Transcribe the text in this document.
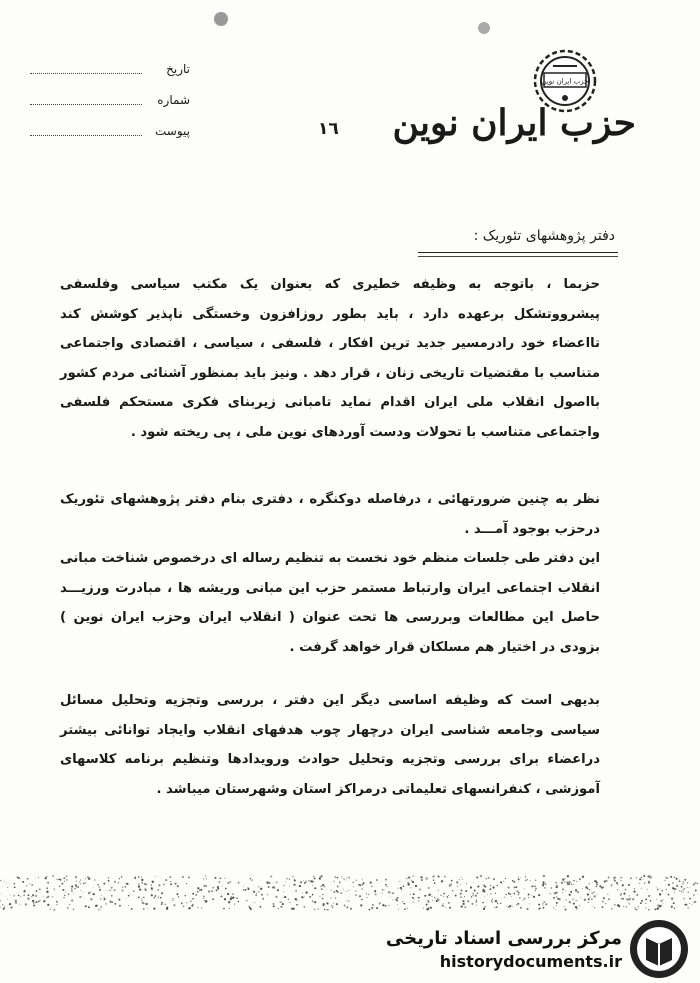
تاریخ
شماره
پیوست	١٦
حزب ایران نوین
حزب ایران نوین
دفتر پژوهشهای تئوریک :

حزبما ، باتوجه به وظیفه خطیری که بعنوان یک مکتب سیاسی وفلسفی پیشرووتشکل برعهده دارد ، باید بطور روزافزون وخستگی ناپذیر کوشش کند تااعضاء خود رادرمسیر جدید ترین افکار ، فلسفی ، سیاسی ، اقتصادی واجتماعی متناسب با مقتضیات تاریخی زنان ، قرار دهد . ونیز باید بمنظور آشنائی مردم کشور بااصول انقلاب ملی ایران اقدام نماید تامبانی زیربنای فکری مستحکم فلسفی واجتماعی متناسب با تحولات ودست آوردهای نوین ملی ، پی ریخته شود .

نظر به چنین ضرورتهائی ، درفاصله دوکنگره ، دفتری بنام دفتر پژوهشهای تئوریک درحزب بوجود آمـــد .

این دفتر طی جلسات منظم خود نخست به تنظیم رساله ای درخصوص شناخت مبانی انقلاب اجتماعی ایران وارتباط مستمر حزب این مبانی وریشه ها ، مبادرت ورزیـــد حاصل این مطالعات وبررسی ها تحت عنوان ( انقلاب ایران وحزب ایران نوین ) بزودی در اختیار هم مسلکان قرار خواهد گرفت .

بدیهی است که وظیفه اساسی دیگر این دفتر ، بررسی وتجزیه وتحلیل مسائل سیاسی وجامعه شناسی ایران درچهار چوب هدفهای انقلاب وایجاد توانائی بیشتر دراعضاء برای بررسی وتجزیه وتحلیل حوادث ورویدادها وتنظیم برنامه کلاسهای آموزشی ، کنفرانسهای تعلیماتی درمراکز استان وشهرستان میباشد .

مرکز بررسی اسناد تاریخی
historydocuments.ir
